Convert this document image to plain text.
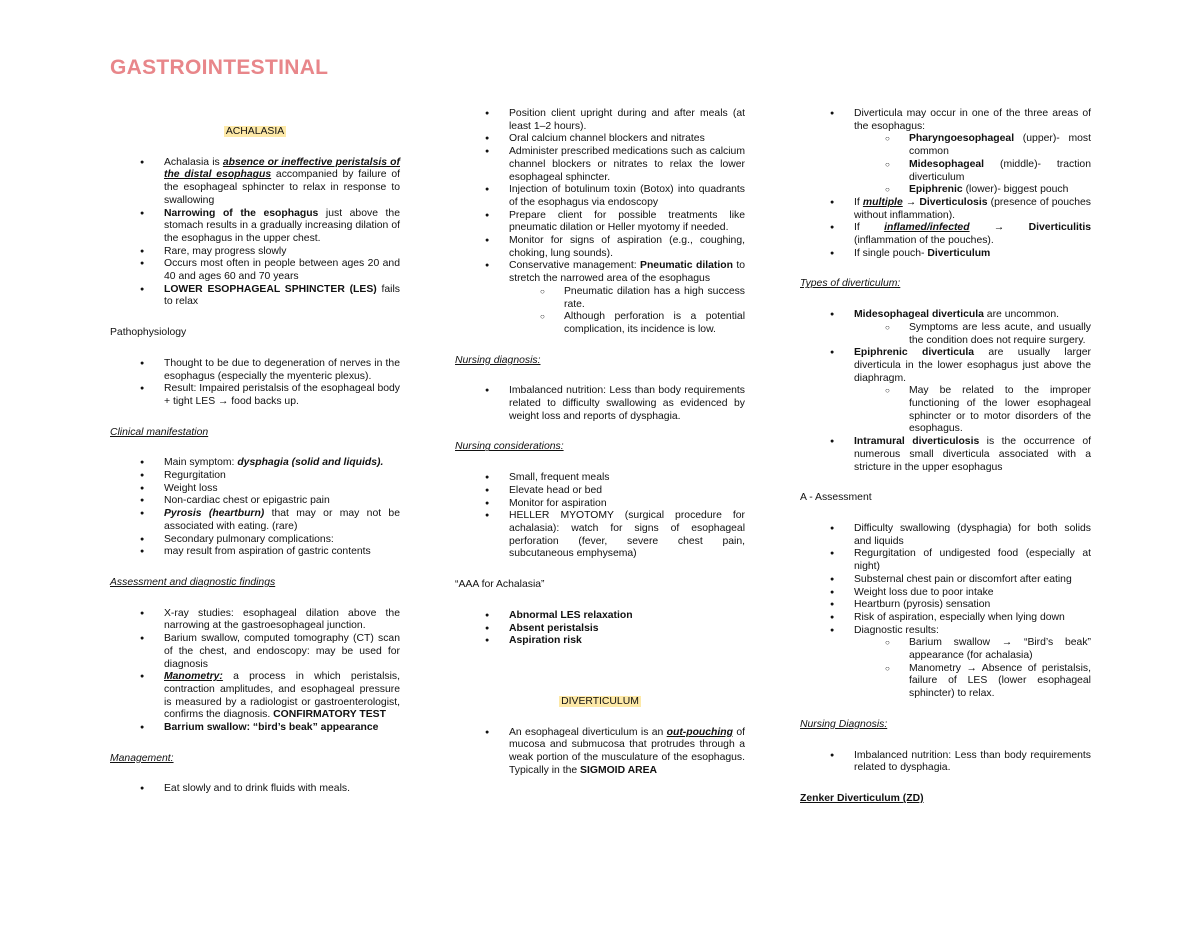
GASTROINTESTINAL
ACHALASIA
● Achalasia is absence or ineffective peristalsis of the distal esophagus accompanied by failure of the esophageal sphincter to relax in response to swallowing
● Narrowing of the esophagus just above the stomach results in a gradually increasing dilation of the esophagus in the upper chest.
● Rare, may progress slowly
● Occurs most often in people between ages 20 and 40 and ages 60 and 70 years
● LOWER ESOPHAGEAL SPHINCTER (LES) fails to relax
Pathophysiology
● Thought to be due to degeneration of nerves in the esophagus (especially the myenteric plexus).
● Result: Impaired peristalsis of the esophageal body + tight LES → food backs up.
Clinical manifestation
● Main symptom: dysphagia (solid and liquids).
● Regurgitation
● Weight loss
● Non-cardiac chest or epigastric pain
● Pyrosis (heartburn) that may or may not be associated with eating. (rare)
● Secondary pulmonary complications:
● may result from aspiration of gastric contents
Assessment and diagnostic findings
● X-ray studies: esophageal dilation above the narrowing at the gastroesophageal junction.
● Barium swallow, computed tomography (CT) scan of the chest, and endoscopy: may be used for diagnosis
● Manometry: a process in which peristalsis, contraction amplitudes, and esophageal pressure is measured by a radiologist or gastroenterologist, confirms the diagnosis. CONFIRMATORY TEST
● Barrium swallow: “bird’s beak” appearance
Management:
● Eat slowly and to drink fluids with meals.
● Position client upright during and after meals (at least 1–2 hours).
● Oral calcium channel blockers and nitrates
● Administer prescribed medications such as calcium channel blockers or nitrates to relax the lower esophageal sphincter.
● Injection of botulinum toxin (Botox) into quadrants of the esophagus via endoscopy
● Prepare client for possible treatments like pneumatic dilation or Heller myotomy if needed.
● Monitor for signs of aspiration (e.g., coughing, choking, lung sounds).
● Conservative management: Pneumatic dilation to stretch the narrowed area of the esophagus
○ Pneumatic dilation has a high success rate.
○ Although perforation is a potential complication, its incidence is low.
Nursing diagnosis:
● Imbalanced nutrition: Less than body requirements related to difficulty swallowing as evidenced by weight loss and reports of dysphagia.
Nursing considerations:
● Small, frequent meals
● Elevate head or bed
● Monitor for aspiration
● HELLER MYOTOMY (surgical procedure for achalasia): watch for signs of esophageal perforation (fever, severe chest pain, subcutaneous emphysema)
“AAA for Achalasia”
● Abnormal LES relaxation
● Absent peristalsis
● Aspiration risk
DIVERTICULUM
● An esophageal diverticulum is an out-pouching of mucosa and submucosa that protrudes through a weak portion of the musculature of the esophagus. Typically in the SIGMOID AREA
● Diverticula may occur in one of the three areas of the esophagus:
○ Pharyngoesophageal (upper)- most common
○ Midesophageal (middle)- traction diverticulum
○ Epiphrenic (lower)- biggest pouch
● If multiple → Diverticulosis (presence of pouches without inflammation).
● If inflamed/infected → Diverticulitis (inflammation of the pouches).
● If single pouch- Diverticulum
Types of diverticulum:
● Midesophageal diverticula are uncommon.
○ Symptoms are less acute, and usually the condition does not require surgery.
● Epiphrenic diverticula are usually larger diverticula in the lower esophagus just above the diaphragm.
○ May be related to the improper functioning of the lower esophageal sphincter or to motor disorders of the esophagus.
● Intramural diverticulosis is the occurrence of numerous small diverticula associated with a stricture in the upper esophagus
A - Assessment
● Difficulty swallowing (dysphagia) for both solids and liquids
● Regurgitation of undigested food (especially at night)
● Substernal chest pain or discomfort after eating
● Weight loss due to poor intake
● Heartburn (pyrosis) sensation
● Risk of aspiration, especially when lying down
● Diagnostic results:
○ Barium swallow → “Bird’s beak” appearance (for achalasia)
○ Manometry → Absence of peristalsis, failure of LES (lower esophageal sphincter) to relax.
Nursing Diagnosis:
● Imbalanced nutrition: Less than body requirements related to dysphagia.
Zenker Diverticulum (ZD)
